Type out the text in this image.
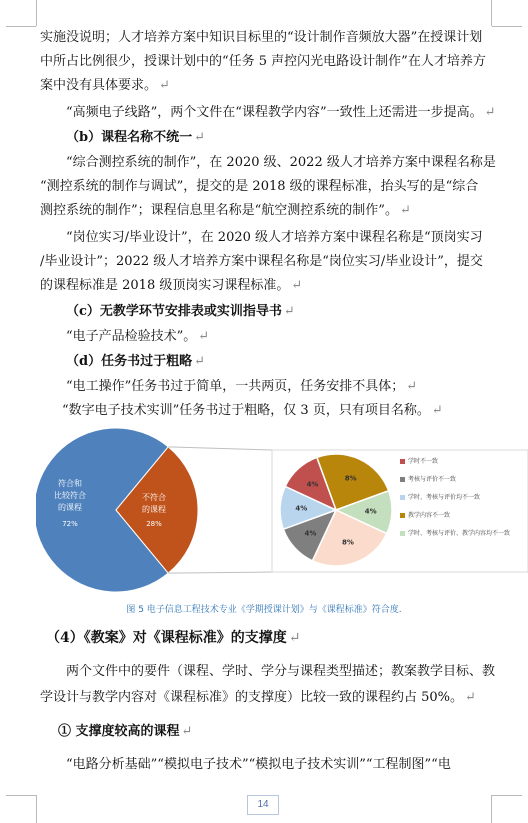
实施没说明；人才培养方案中知识目标里的“设计制作音频放大器”在授课计划

中所占比例很少，授课计划中的“任务 5 声控闪光电路设计制作”在人才培养方

案中没有具体要求。 ↵

“高频电子线路”，两个文件在“课程教学内容”一致性上还需进一步提高。 ↵

（b）课程名称不统一 ↵

“综合测控系统的制作”，在 2020 级、2022 级人才培养方案中课程名称是

“测控系统的制作与调试”，提交的是 2018 级的课程标准，抬头写的是“综合

测控系统的制作”；课程信息里名称是“航空测控系统的制作”。 ↵

“岗位实习/毕业设计”，在 2020 级人才培养方案中课程名称是“顶岗实习

/毕业设计”；2022 级人才培养方案中课程名称是“岗位实习/毕业设计”，提交

的课程标准是 2018 级顶岗实习课程标准。 ↵

（c）无教学环节安排表或实训指导书 ↵

“电子产品检验技术”。 ↵

（d）任务书过于粗略 ↵

“电工操作”任务书过于简单，一共两页，任务安排不具体； ↵

“数字电子技术实训”任务书过于粗略，仅 3 页，只有项目名称。 ↵

符合和
比较符合
的课程
72%
不符合
的课程
28%
4%
4%
4%
8%
4%
8%
学时不一致
考核与评价不一致
学时、考核与评价均不一致
教学内容不一致
学时、考核与评价、教学内容均不一致
图 5 电子信息工程技术专业《学期授课计划》与《课程标准》符合度.

（4）《教案》对《课程标准》的支撑度 ↵

两个文件中的要件（课程、学时、学分与课程类型描述；教案教学目标、教

学设计与教学内容对《课程标准》的支撑度）比较一致的课程约占 50%。 ↵

① 支撑度较高的课程 ↵

“电路分析基础”“模拟电子技术”“模拟电子技术实训”“工程制图”“电

14
